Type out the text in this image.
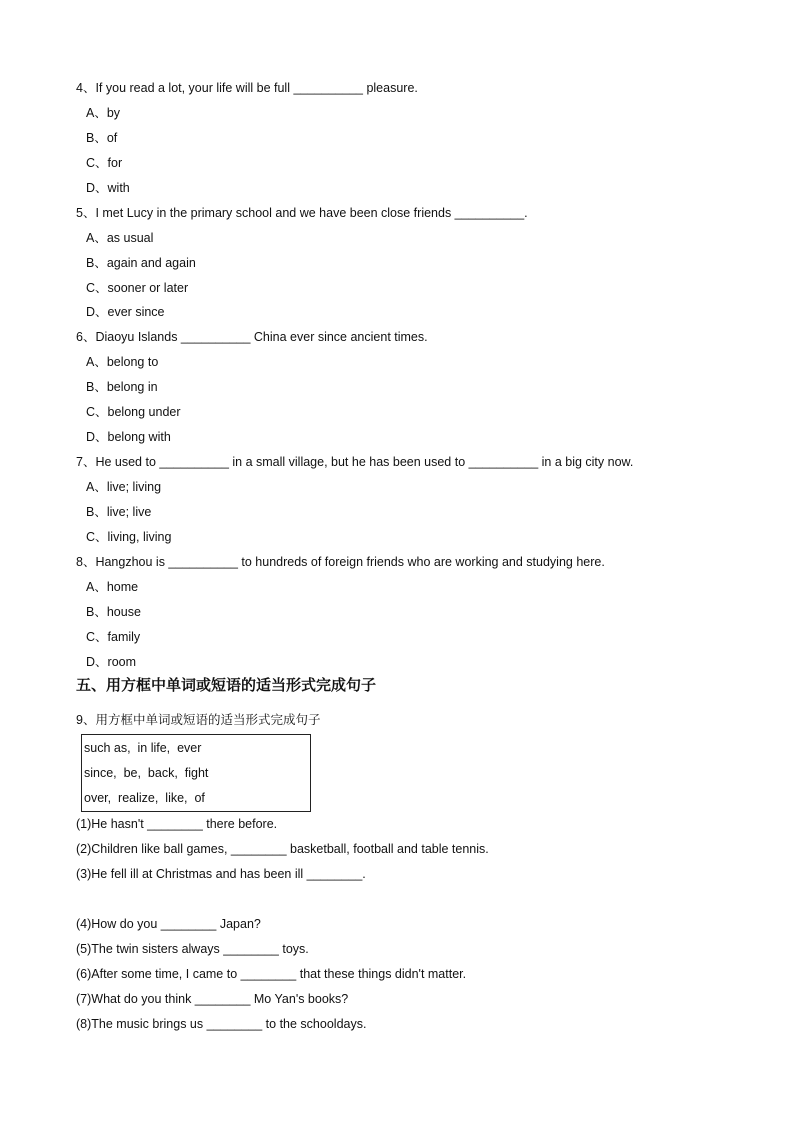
4、If you read a lot, your life will be full __________ pleasure.
A、by
B、of
C、for
D、with
5、I met Lucy in the primary school and we have been close friends __________.
A、as usual
B、again and again
C、sooner or later
D、ever since
6、Diaoyu Islands __________ China ever since ancient times.
A、belong to
B、belong in
C、belong under
D、belong with
7、He used to __________ in a small village, but he has been used to __________ in a big city now.
A、live; living
B、live; live
C、living, living
8、Hangzhou is __________ to hundreds of foreign friends who are working and studying here.
A、home
B、house
C、family
D、room
五、用方框中单词或短语的适当形式完成句子
9、用方框中单词或短语的适当形式完成句子
such as,  in life,  ever
since,  be,  back,  fight
over,  realize,  like,  of
(1)He hasn't ________ there before.
(2)Children like ball games, ________ basketball, football and table tennis.
(3)He fell ill at Christmas and has been ill ________.
(4)How do you ________ Japan?
(5)The twin sisters always ________ toys.
(6)After some time, I came to ________ that these things didn't matter.
(7)What do you think ________ Mo Yan's books?
(8)The music brings us ________ to the schooldays.
